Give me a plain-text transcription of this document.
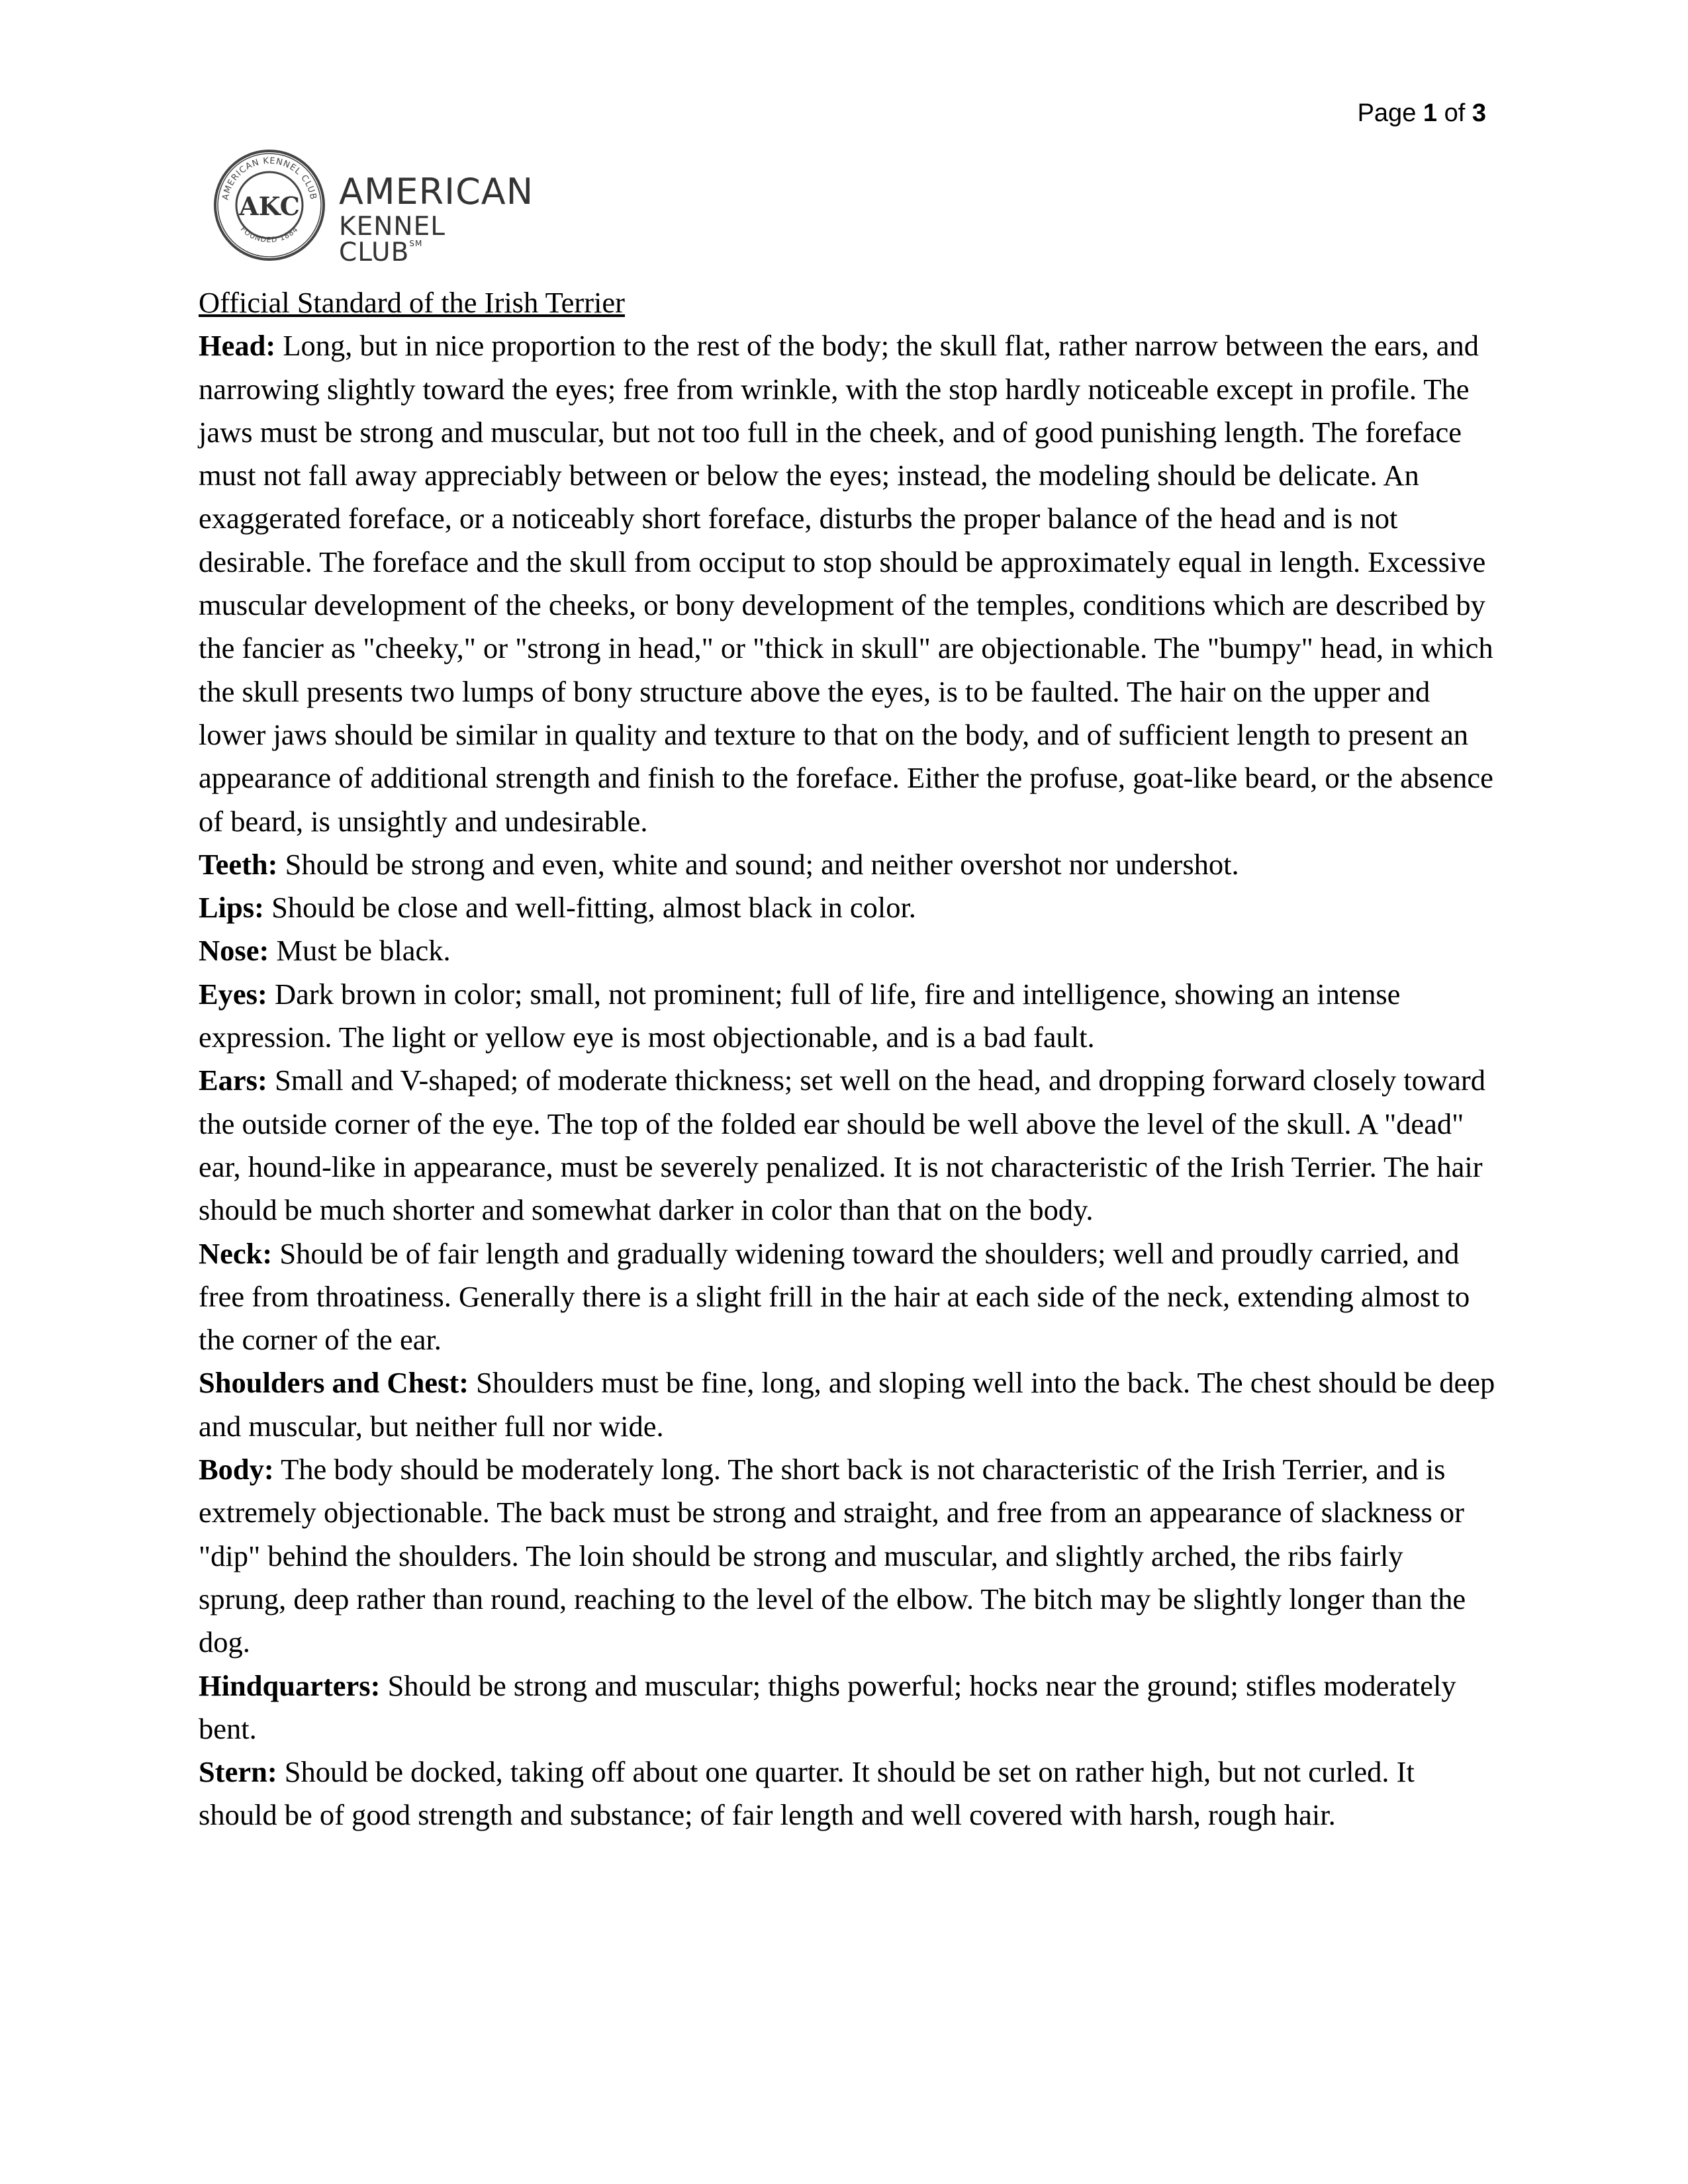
Page 1 of 3
AMERICAN KENNEL CLUB
FOUNDED 1884
AKC AMERICAN
KENNEL CLUB℠
Official Standard of the Irish Terrier

Head: Long, but in nice proportion to the rest of the body; the skull flat, rather narrow between the ears, and narrowing slightly toward the eyes; free from wrinkle, with the stop hardly noticeable except in profile. The jaws must be strong and muscular, but not too full in the cheek, and of good punishing length. The foreface must not fall away appreciably between or below the eyes; instead, the modeling should be delicate. An exaggerated foreface, or a noticeably short foreface, disturbs the proper balance of the head and is not desirable. The foreface and the skull from occiput to stop should be approximately equal in length. Excessive muscular development of the cheeks, or bony development of the temples, conditions which are described by the fancier as "cheeky," or "strong in head," or "thick in skull" are objectionable. The "bumpy" head, in which the skull presents two lumps of bony structure above the eyes, is to be faulted. The hair on the upper and lower jaws should be similar in quality and texture to that on the body, and of sufficient length to present an appearance of additional strength and finish to the foreface. Either the profuse, goat-like beard, or the absence of beard, is unsightly and undesirable.

Teeth: Should be strong and even, white and sound; and neither overshot nor undershot.

Lips: Should be close and well-fitting, almost black in color.

Nose: Must be black.

Eyes: Dark brown in color; small, not prominent; full of life, fire and intelligence, showing an intense expression. The light or yellow eye is most objectionable, and is a bad fault.

Ears: Small and V-shaped; of moderate thickness; set well on the head, and dropping forward closely toward the outside corner of the eye. The top of the folded ear should be well above the level of the skull. A "dead" ear, hound-like in appearance, must be severely penalized. It is not characteristic of the Irish Terrier. The hair should be much shorter and somewhat darker in color than that on the body.

Neck: Should be of fair length and gradually widening toward the shoulders; well and proudly carried, and free from throatiness. Generally there is a slight frill in the hair at each side of the neck, extending almost to the corner of the ear.

Shoulders and Chest: Shoulders must be fine, long, and sloping well into the back. The chest should be deep and muscular, but neither full nor wide.

Body: The body should be moderately long. The short back is not characteristic of the Irish Terrier, and is extremely objectionable. The back must be strong and straight, and free from an appearance of slackness or "dip" behind the shoulders. The loin should be strong and muscular, and slightly arched, the ribs fairly sprung, deep rather than round, reaching to the level of the elbow. The bitch may be slightly longer than the dog.

Hindquarters: Should be strong and muscular; thighs powerful; hocks near the ground; stifles moderately bent.

Stern: Should be docked, taking off about one quarter. It should be set on rather high, but not curled. It should be of good strength and substance; of fair length and well covered with harsh, rough hair.
